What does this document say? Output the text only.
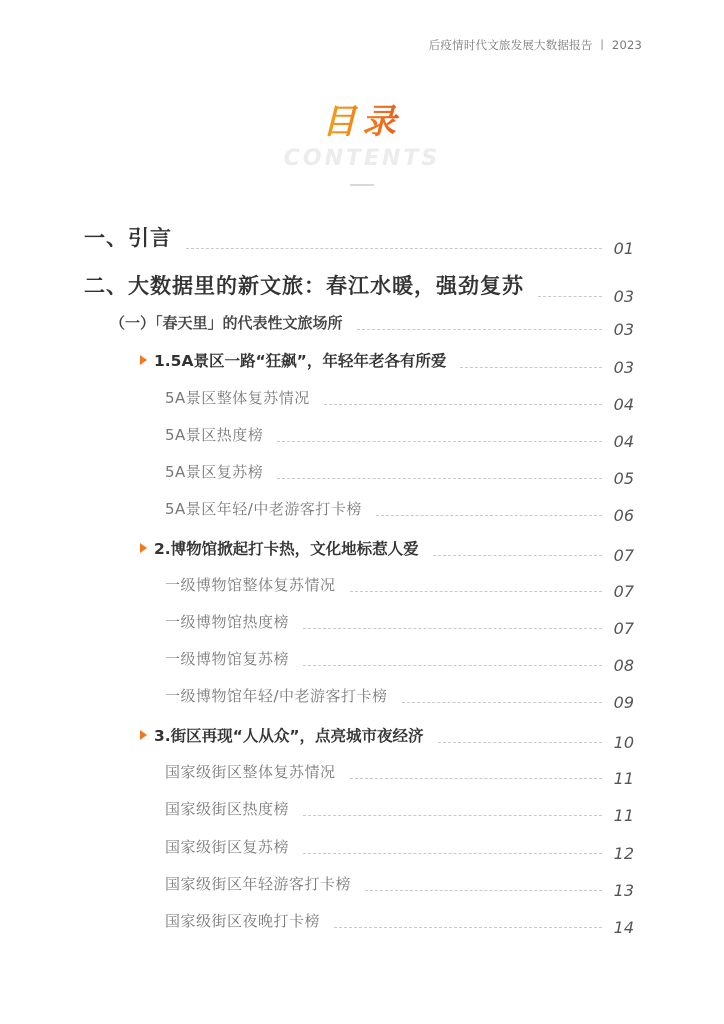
后疫情时代文旅发展大数据报告 丨 2023
目录
CONTENTS
一、引言	01
二、大数据里的新文旅：春江水暖，强劲复苏	03
（一）「春天里」的代表性文旅场所	03
1.5A景区一路“狂飙”，年轻年老各有所爱	03
5A景区整体复苏情况	04
5A景区热度榜	04
5A景区复苏榜	05
5A景区年轻/中老游客打卡榜	06
2.博物馆掀起打卡热，文化地标惹人爱	07
一级博物馆整体复苏情况	07
一级博物馆热度榜	07
一级博物馆复苏榜	08
一级博物馆年轻/中老游客打卡榜	09
3.街区再现“人从众”，点亮城市夜经济	10
国家级街区整体复苏情况	11
国家级街区热度榜	11
国家级街区复苏榜	12
国家级街区年轻游客打卡榜	13
国家级街区夜晚打卡榜	14
